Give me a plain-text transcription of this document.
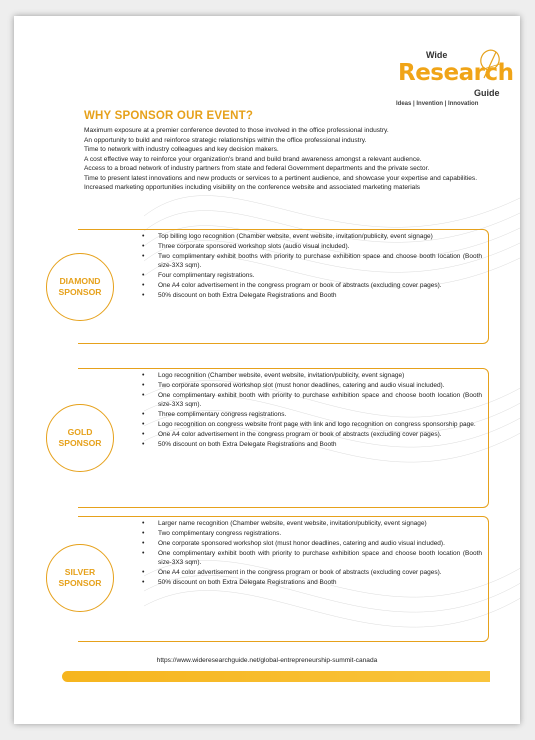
Wide
Research
Guide
Ideas | Invention | Innovation
WHY SPONSOR OUR EVENT?

Maximum exposure at a premier conference devoted to those involved in the office professional industry.

An opportunity to build and reinforce strategic relationships within the office professional industry.

Time to network with industry colleagues and key decision makers.

A cost effective way to reinforce your organization's brand and build brand awareness amongst a relevant audience.

Access to a broad network of industry partners from state and federal Government departments and the private sector.

Time to present latest innovations and new products or services to a pertinent audience, and showcase your expertise and capabilities.

Increased marketing opportunities including visibility on the conference website and associated marketing materials

DIAMOND
SPONSOR
• Top billing logo recognition (Chamber website, event website, invitation/publicity, event signage)
• Three corporate sponsored workshop slots (audio visual included).
• Two complimentary exhibit booths with priority to purchase exhibition space and choose booth location (Booth size-3X3 sqm).
• Four complimentary registrations.
• One A4 color advertisement in the congress program or book of abstracts (excluding cover pages).
• 50% discount on both Extra Delegate Registrations and Booth
GOLD
SPONSOR
• Logo recognition (Chamber website, event website, invitation/publicity, event signage)
• Two corporate sponsored workshop slot (must honor deadlines, catering and audio visual included).
• One complimentary exhibit booth with priority to purchase exhibition space and choose booth location (Booth size-3X3 sqm).
• Three complimentary congress registrations.
• Logo recognition on congress website front page with link and logo recognition on congress sponsorship page.
• One A4 color advertisement in the congress program or book of abstracts (excluding cover pages).
• 50% discount on both Extra Delegate Registrations and Booth
SILVER
SPONSOR
• Larger name recognition (Chamber website, event website, invitation/publicity, event signage)
• Two complimentary congress registrations.
• One corporate sponsored workshop slot (must honor deadlines, catering and audio visual included).
• One complimentary exhibit booth with priority to purchase exhibition space and choose booth location (Booth size-3X3 sqm).
• One A4 color advertisement in the congress program or book of abstracts (excluding cover pages).
• 50% discount on both Extra Delegate Registrations and Booth
https://www.wideresearchguide.net/global-entrepreneurship-summit-canada
